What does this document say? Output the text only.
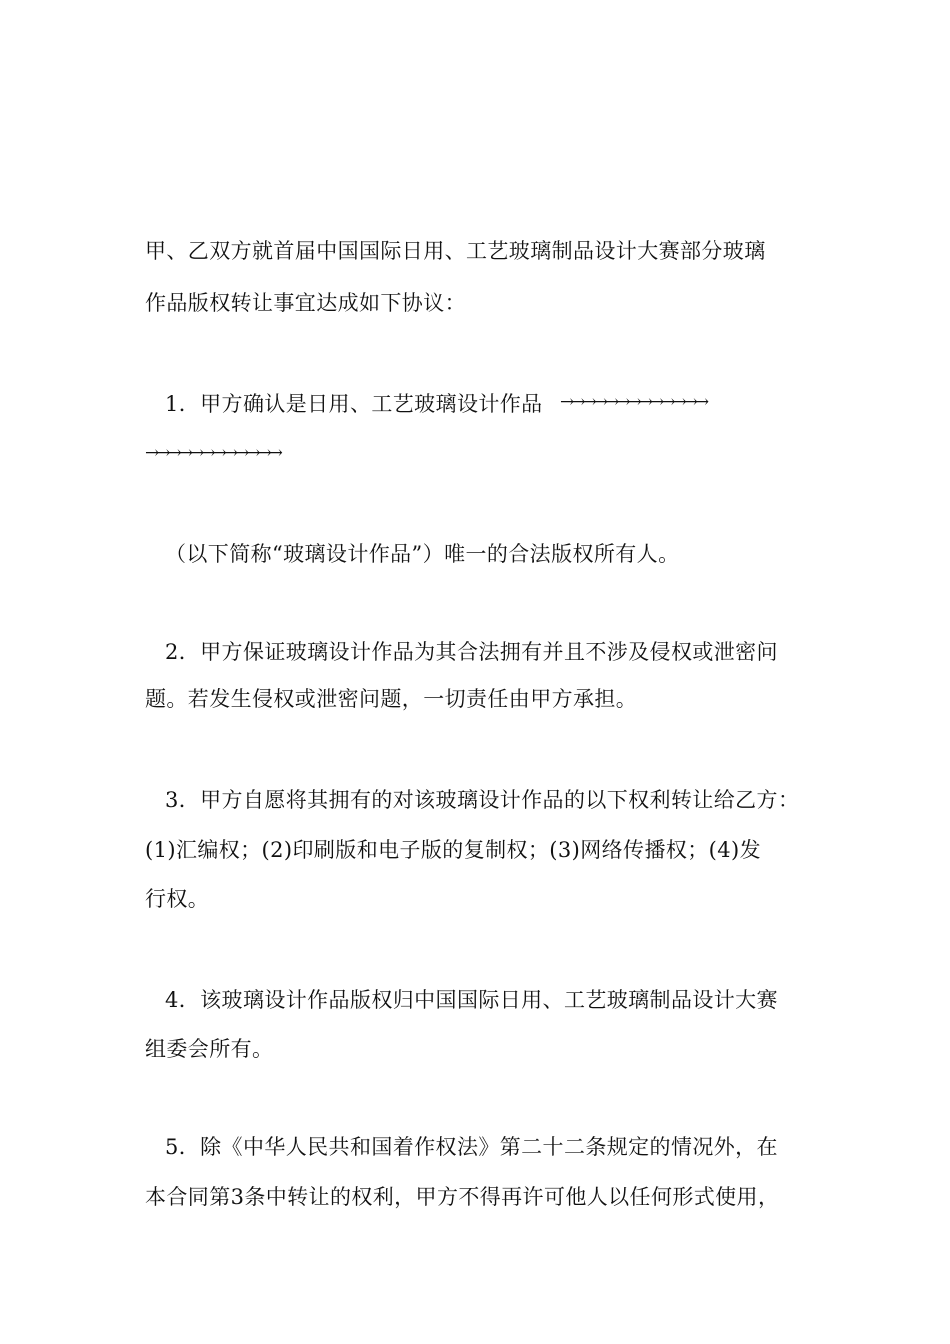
甲、乙双方就首届中国国际日用、工艺玻璃制品设计大赛部分玻璃
作品版权转让事宜达成如下协议：
1．甲方确认是日用、工艺玻璃设计作品 →→→→→→→→→→→→→
→→→→→→→→→→→→
（以下简称“玻璃设计作品”）唯一的合法版权所有人。
2．甲方保证玻璃设计作品为其合法拥有并且不涉及侵权或泄密问
题。若发生侵权或泄密问题，一切责任由甲方承担。
3．甲方自愿将其拥有的对该玻璃设计作品的以下权利转让给乙方：
(1)汇编权；(2)印刷版和电子版的复制权；(3)网络传播权；(4)发
行权。
4．该玻璃设计作品版权归中国国际日用、工艺玻璃制品设计大赛
组委会所有。
5．除《中华人民共和国着作权法》第二十二条规定的情况外，在
本合同第3条中转让的权利，甲方不得再许可他人以任何形式使用，
